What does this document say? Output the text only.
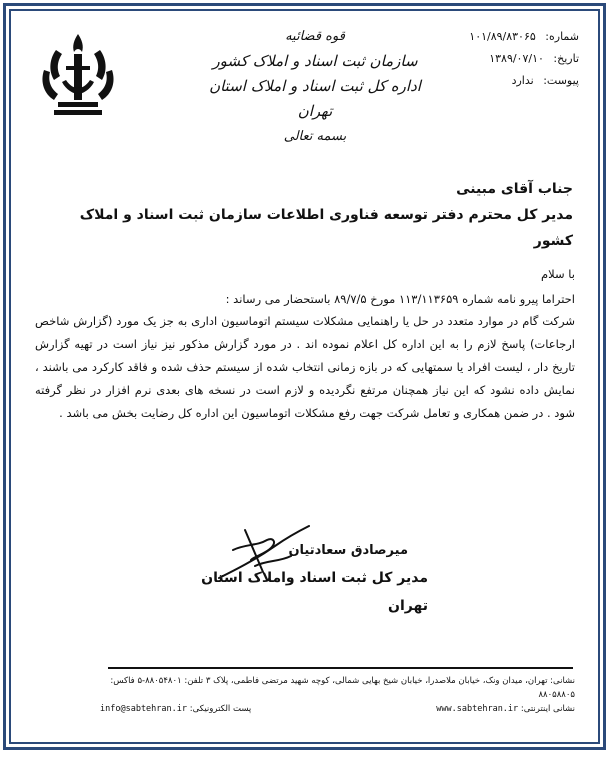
قوه قضائیه
سازمان ثبت اسناد و املاک کشور
اداره کل ثبت اسناد و املاک استان تهران
بسمه تعالی
شماره: ۱۰۱/۸۹/۸۳۰۶۵
تاریخ: ۱۳۸۹/۰۷/۱۰
پیوست: ندارد
جناب آقای مبینی
مدیر کل محترم دفتر توسعه فناوری اطلاعات سازمان ثبت اسناد و املاک کشور
با سلام
احتراما پیرو نامه شماره ۱۱۳/۱۱۳۶۵۹ مورخ ۸۹/۷/۵ باستحضار می رساند :
شرکت گام در موارد متعدد در حل یا راهنمایی مشکلات سیستم اتوماسیون اداری به جز یک مورد (گزارش شاخص ارجاعات) پاسخ لازم را به این اداره کل اعلام نموده اند . در مورد گزارش مذکور نیز نیاز است در تهیه گزارش تاریخ دار ، لیست افراد یا سمتهایی که در بازه زمانی انتخاب شده از سیستم حذف شده و فاقد کارکرد می باشند ، نمایش داده نشود که این نیاز همچنان مرتفع نگردیده و لازم است در نسخه های بعدی نرم افزار در نظر گرفته شود . در ضمن همکاری و تعامل شرکت جهت رفع مشکلات اتوماسیون این اداره کل رضایت بخش می باشد .
میرصادق سعادتیان
مدیر کل ثبت اسناد واملاک استان تهران
نشانی: تهران، میدان ونک، خیابان ملاصدرا، خیابان شیخ بهایی شمالی، کوچه شهید مرتضی فاطمی، پلاک ۳ تلفن: ۸۸۰۵۴۸۰۱-۵ فاکس: ۸۸۰۵۸۸۰۵
info@sabtehran.ir پست الکترونیکی:	www.sabtehran.ir نشانی اینترنتی:
